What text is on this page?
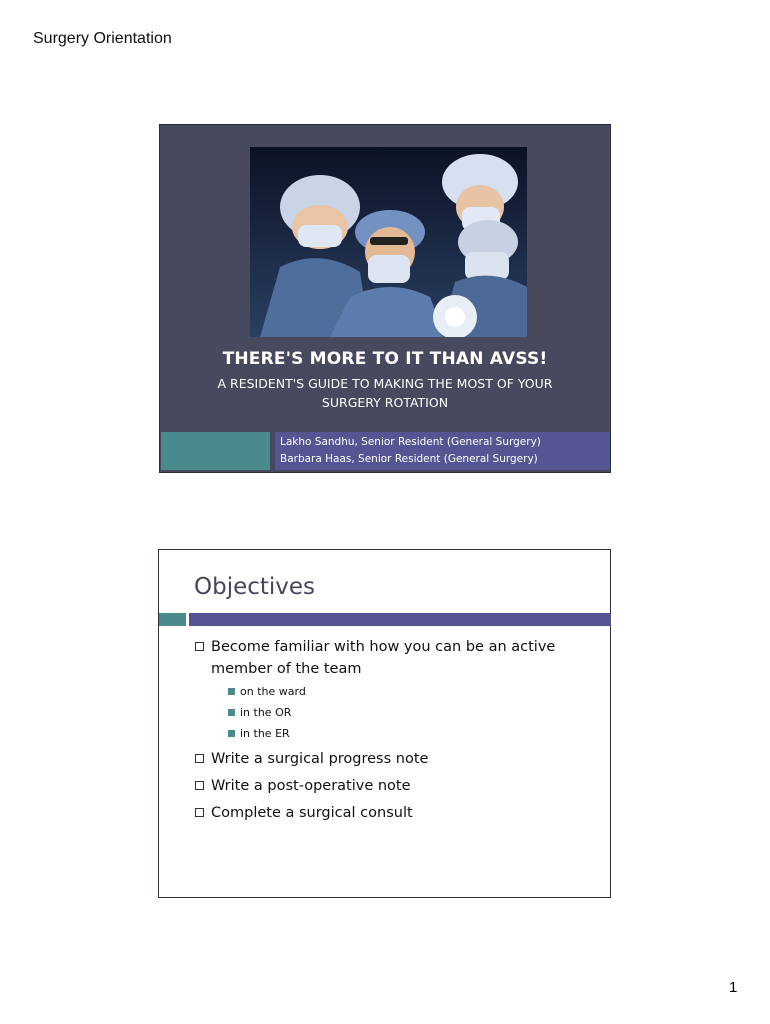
Surgery Orientation
THERE'S MORE TO IT THAN AVSS!
A RESIDENT'S GUIDE TO MAKING THE MOST OF YOUR
SURGERY ROTATION
Lakho Sandhu, Senior Resident (General Surgery)
Barbara Haas, Senior Resident (General Surgery)
Objectives
Become familiar with how you can be an active
member of the team
on the ward
in the OR
in the ER
Write a surgical progress note
Write a post-operative note
Complete a surgical consult
1
